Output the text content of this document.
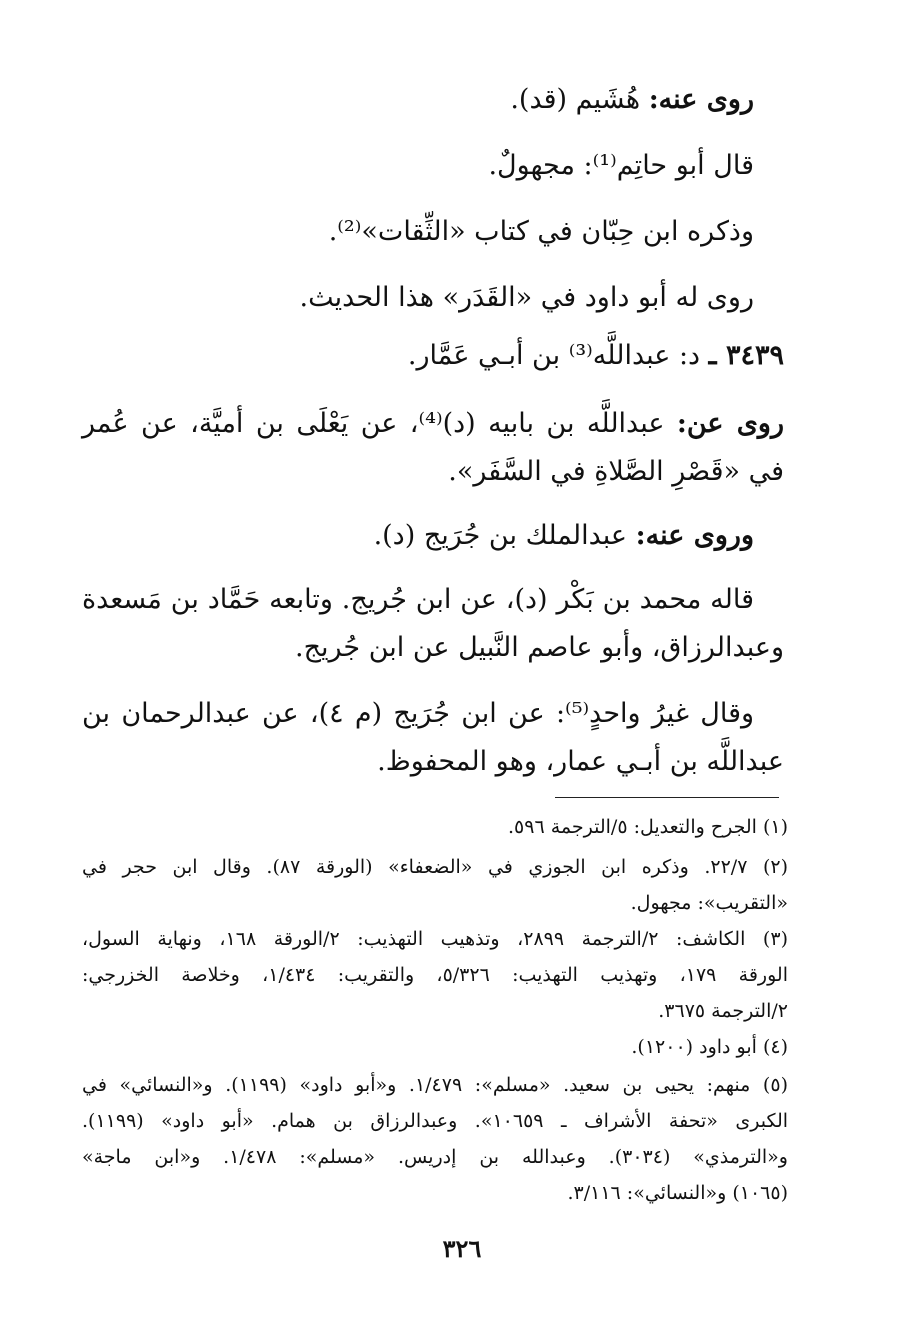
روى عنه: هُشَيم (قد).
قال أبو حاتِم⁽¹⁾: مجهولٌ.
وذكره ابن حِبّان في كتاب «الثِّقات»⁽²⁾.
روى له أبو داود في «القَدَر» هذا الحديث.
٣٤٣٩ ـ د: عبداللَّه⁽³⁾ بن أبـي عَمَّار.
روى عن: عبداللَّه بن بابيه (د)⁽⁴⁾، عن يَعْلَى بن أميَّة، عن عُمر
في «قَصْرِ الصَّلاةِ في السَّفَر».
وروى عنه: عبدالملك بن جُرَيج (د).
قاله محمد بن بَكْر (د)، عن ابن جُريج. وتابعه حَمَّاد بن مَسعدة
وعبدالرزاق، وأبو عاصم النَّبيل عن ابن جُريج.
وقال غيرُ واحدٍ⁽⁵⁾: عن ابن جُرَيج (م ٤)، عن عبدالرحمان بن
عبداللَّه بن أبـي عمار، وهو المحفوظ.
(١) الجرح والتعديل: ٥/الترجمة ٥٩٦.
(٢) ٢٢/٧. وذكره ابن الجوزي في «الضعفاء» (الورقة ٨٧). وقال ابن حجر في
«التقريب»: مجهول.
(٣) الكاشف: ٢/الترجمة ٢٨٩٩، وتذهيب التهذيب: ٢/الورقة ١٦٨، ونهاية السول،
الورقة ١٧٩، وتهذيب التهذيب: ٥/٣٢٦، والتقريب: ١/٤٣٤، وخلاصة الخزرجي:
٢/الترجمة ٣٦٧٥.
(٤) أبو داود (١٢٠٠).
(٥) منهم: يحيى بن سعيد. «مسلم»: ١/٤٧٩. و«أبو داود» (١١٩٩). و«النسائي» في
الكبرى «تحفة الأشراف ـ ١٠٦٥٩». وعبدالرزاق بن همام. «أبو داود» (١١٩٩).
و«الترمذي» (٣٠٣٤). وعبدالله بن إدريس. «مسلم»: ١/٤٧٨. و«ابن ماجة»
(١٠٦٥) و«النسائي»: ٣/١١٦.
٣٢٦
